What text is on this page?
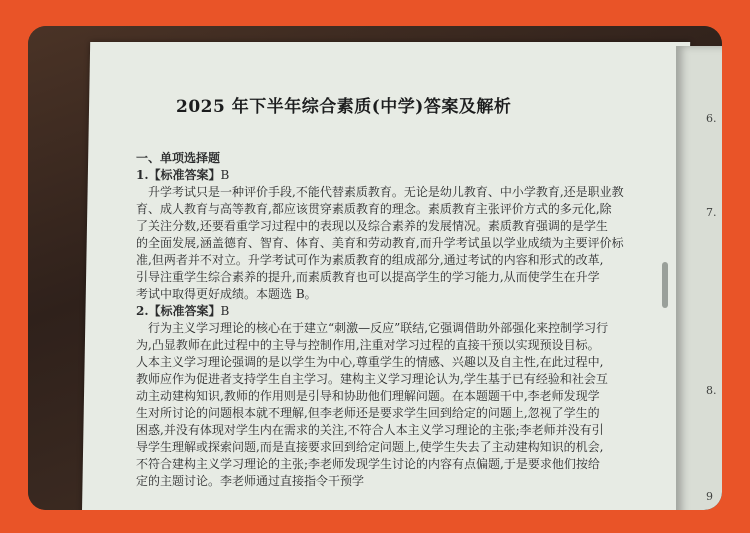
2025 年下半年综合素质(中学)答案及解析
一、单项选择题
1.【标准答案】B
升学考试只是一种评价手段,不能代替素质教育。无论是幼儿教育、中小学教育,还是职业教
育、成人教育与高等教育,都应该贯穿素质教育的理念。素质教育主张评价方式的多元化,除
了关注分数,还要看重学习过程中的表现以及综合素养的发展情况。素质教育强调的是学生
的全面发展,涵盖德育、智育、体育、美育和劳动教育,而升学考试虽以学业成绩为主要评价标
准,但两者并不对立。升学考试可作为素质教育的组成部分,通过考试的内容和形式的改革,
引导注重学生综合素养的提升,而素质教育也可以提高学生的学习能力,从而使学生在升学
考试中取得更好成绩。本题选 B。
2.【标准答案】B
行为主义学习理论的核心在于建立“刺激—反应”联结,它强调借助外部强化来控制学习行
为,凸显教师在此过程中的主导与控制作用,注重对学习过程的直接干预以实现预设目标。
人本主义学习理论强调的是以学生为中心,尊重学生的情感、兴趣以及自主性,在此过程中,
教师应作为促进者支持学生自主学习。建构主义学习理论认为,学生基于已有经验和社会互
动主动建构知识,教师的作用则是引导和协助他们理解问题。在本题题干中,李老师发现学
生对所讨论的问题根本就不理解,但李老师还是要求学生回到给定的问题上,忽视了学生的
困惑,并没有体现对学生内在需求的关注,不符合人本主义学习理论的主张;李老师并没有引
导学生理解或探索问题,而是直接要求回到给定问题上,使学生失去了主动建构知识的机会,
不符合建构主义学习理论的主张;李老师发现学生讨论的内容有点偏题,于是要求他们按给
定的主题讨论。李老师通过直接指令干预学
6.
7.
8.
9
